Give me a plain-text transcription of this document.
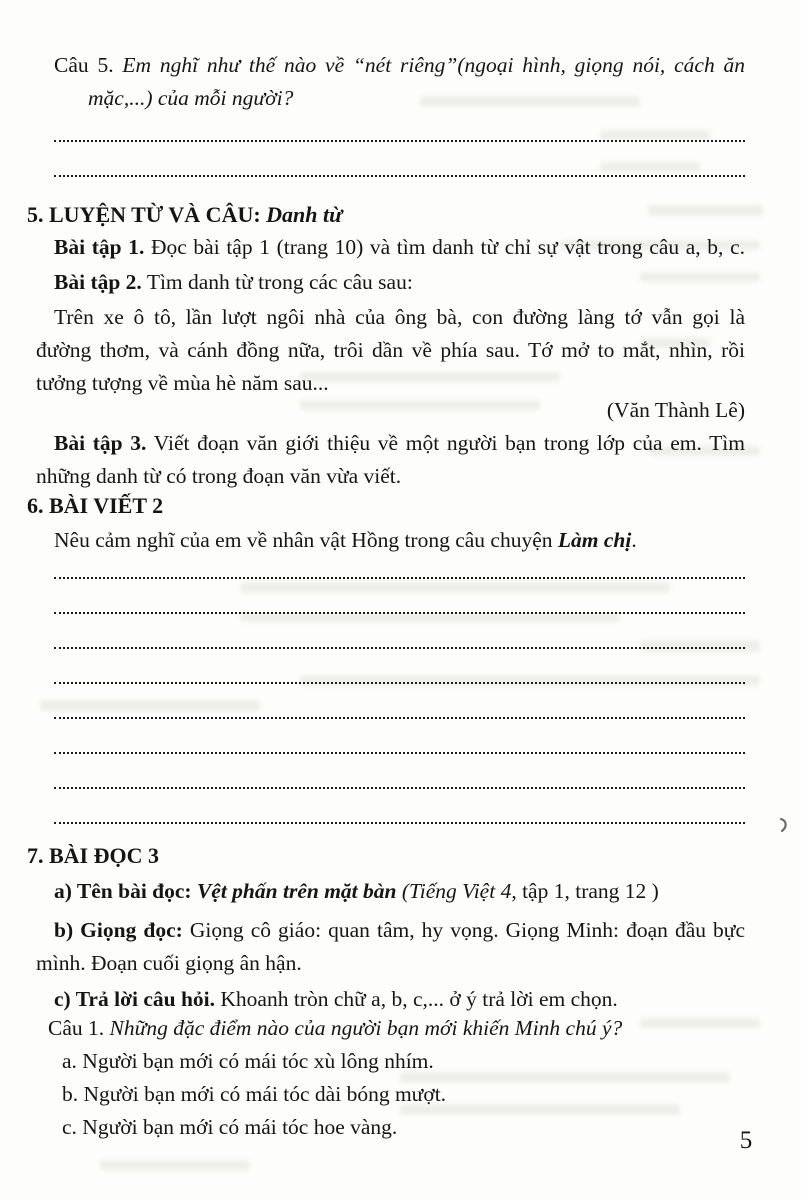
Câu 5. Em nghĩ như thế nào về “nét riêng”(ngoại hình, giọng nói, cách ăn
mặc,...) của mỗi người?
5. LUYỆN TỪ VÀ CÂU: Danh từ
Bài tập 1. Đọc bài tập 1 (trang 10) và tìm danh từ chỉ sự vật trong câu a, b, c.
Bài tập 2. Tìm danh từ trong các câu sau:
Trên xe ô tô, lần lượt ngôi nhà của ông bà, con đường làng tớ vẫn gọi là
đường thơm, và cánh đồng nữa, trôi dần về phía sau. Tớ mở to mắt, nhìn, rồi
tưởng tượng về mùa hè năm sau...
(Văn Thành Lê)
Bài tập 3. Viết đoạn văn giới thiệu về một người bạn trong lớp của em. Tìm
những danh từ có trong đoạn văn vừa viết.
6. BÀI VIẾT 2
Nêu cảm nghĩ của em về nhân vật Hồng trong câu chuyện Làm chị.
7. BÀI ĐỌC 3
a) Tên bài đọc: Vệt phấn trên mặt bàn (Tiếng Việt 4, tập 1, trang 12 )
b) Giọng đọc: Giọng cô giáo: quan tâm, hy vọng. Giọng Minh: đoạn đầu bực
mình. Đoạn cuối giọng ân hận.
c) Trả lời câu hỏi. Khoanh tròn chữ a, b, c,... ở ý trả lời em chọn.
Câu 1. Những đặc điểm nào của người bạn mới khiến Minh chú ý?
a. Người bạn mới có mái tóc xù lông nhím.
b. Người bạn mới có mái tóc dài bóng mượt.
c. Người bạn mới có mái tóc hoe vàng.	5
